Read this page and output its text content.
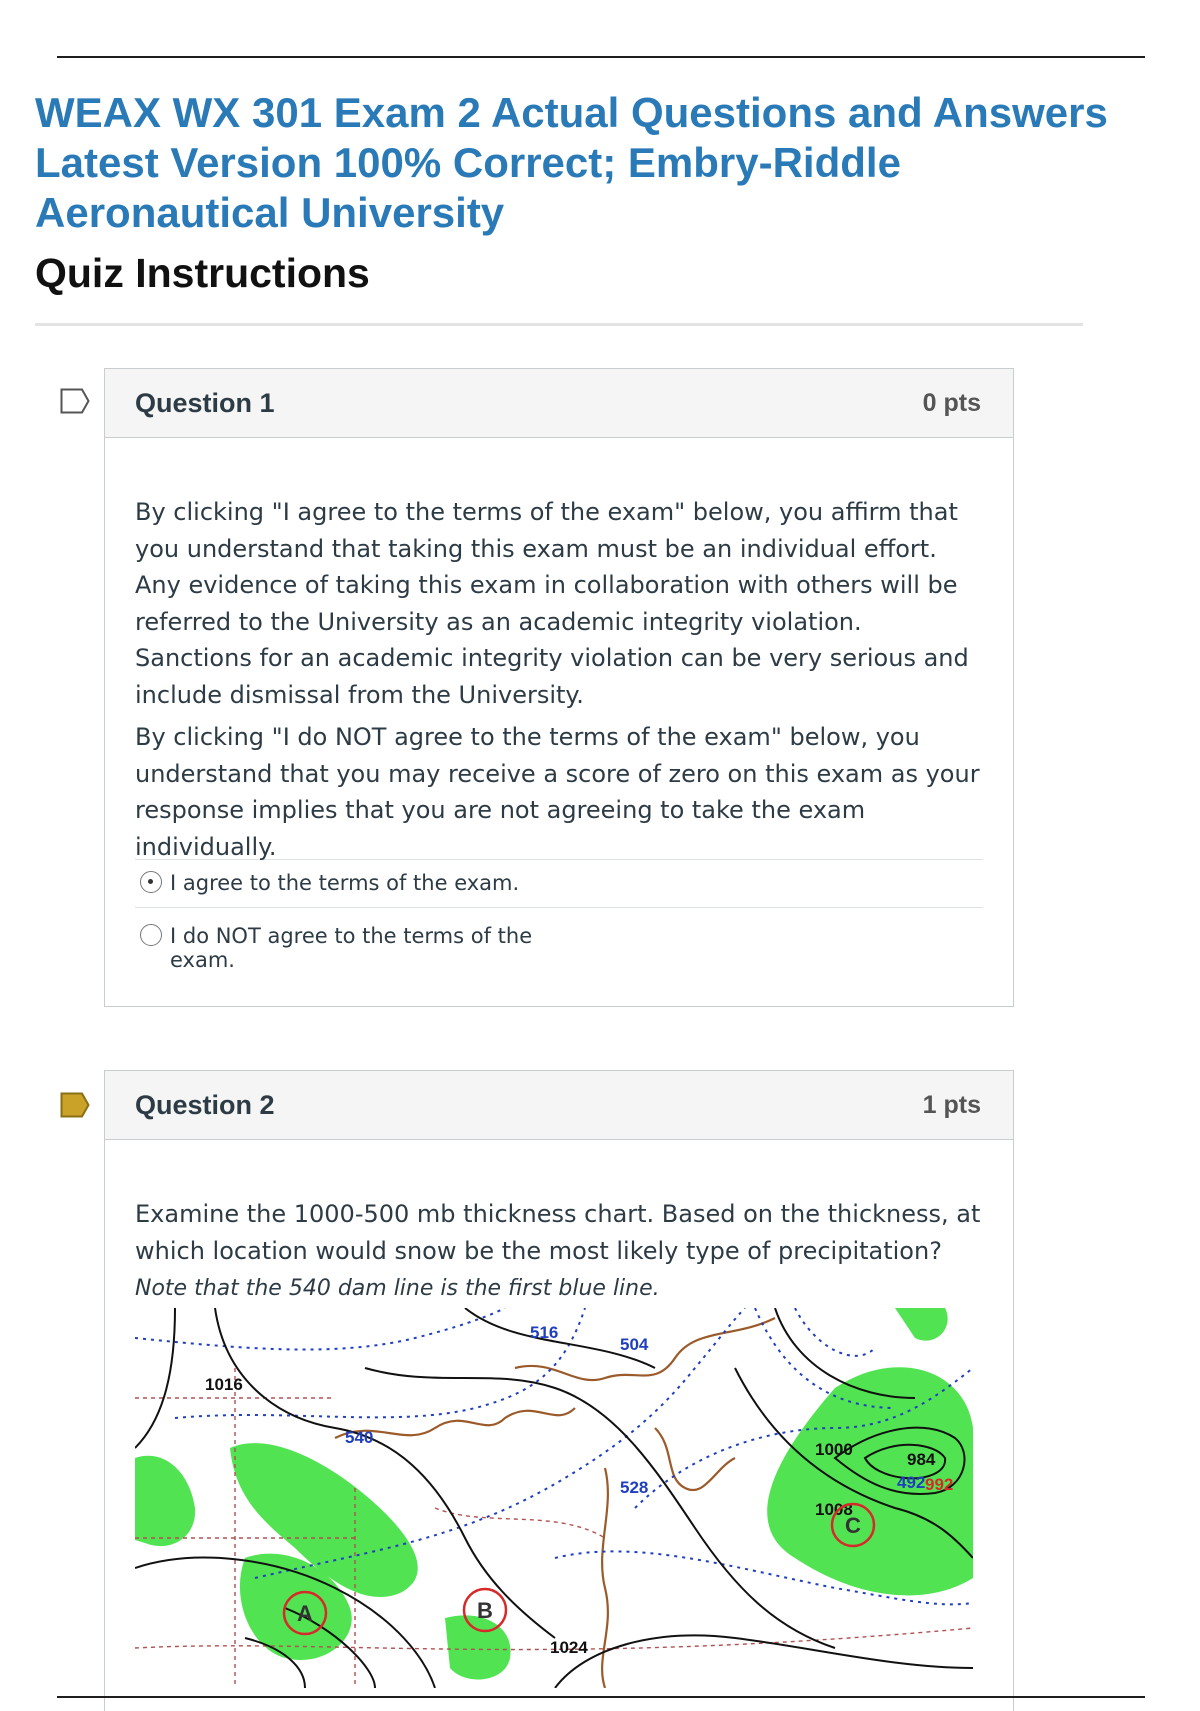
WEAX WX 301 Exam 2 Actual Questions and Answers Latest Version 100% Correct; Embry-Riddle Aeronautical University
Quiz Instructions
Question 1	0 pts

By clicking "I agree to the terms of the exam" below, you affirm that you understand that taking this exam must be an individual effort. Any evidence of taking this exam in collaboration with others will be referred to the University as an academic integrity violation. Sanctions for an academic integrity violation can be very serious and include dismissal from the University.

By clicking "I do NOT agree to the terms of the exam" below, you understand that you may receive a score of zero on this exam as your response implies that you are not agreeing to take the exam individually.

I agree to the terms of the exam.
I do NOT agree to the terms of the exam.
Question 2	1 pts

Examine the 1000-500 mb thickness chart. Based on the thickness, at which location would snow be the most likely type of precipitation? Note that the 540 dam line is the first blue line.

516
504
540
528	492
1016
1000
984
992
1008
1024
A	B
C
